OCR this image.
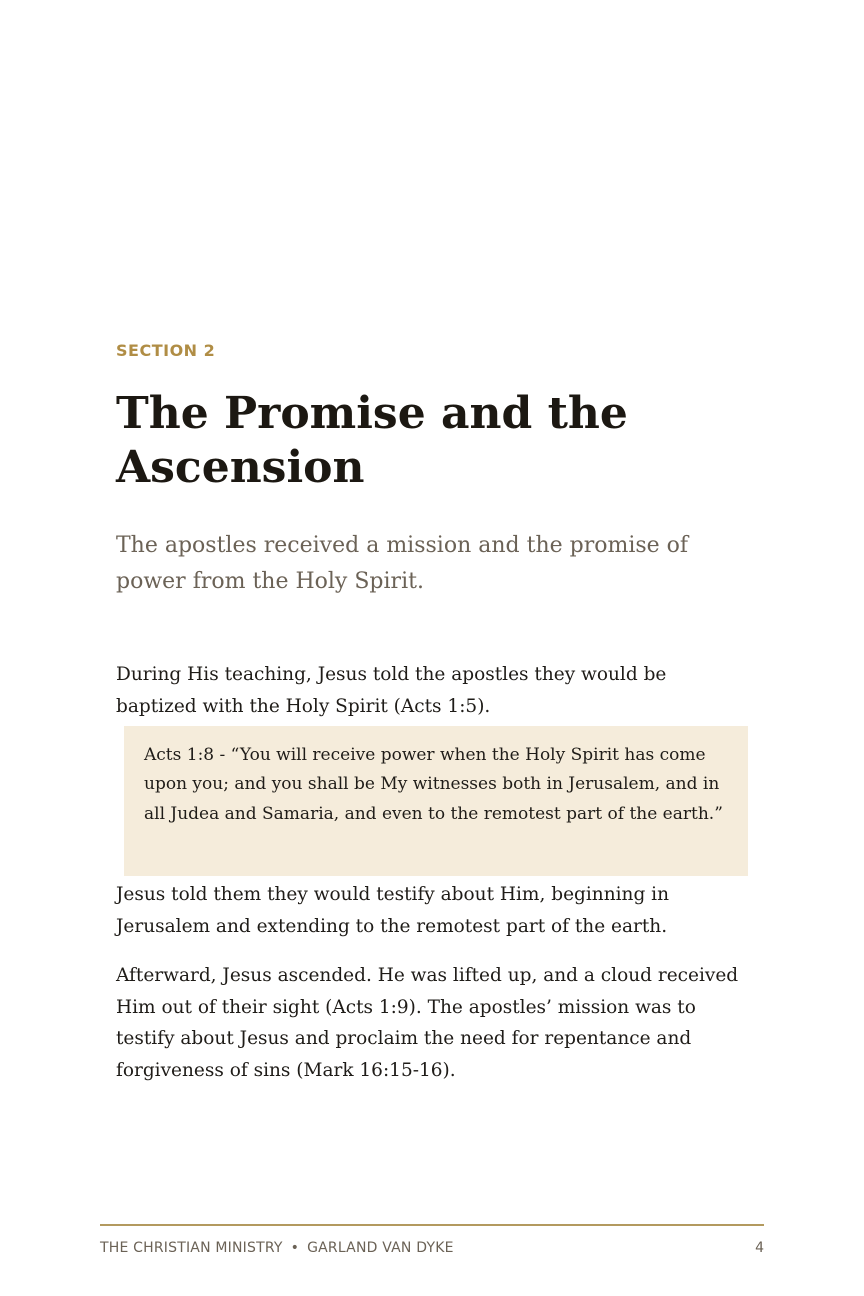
SECTION 2
The Promise and the Ascension

The apostles received a mission and the promise of power from the Holy Spirit.

During His teaching, Jesus told the apostles they would be baptized with the Holy Spirit (Acts 1:5).

Acts 1:8 - “You will receive power when the Holy Spirit has come upon you; and you shall be My witnesses both in Jerusalem, and in all Judea and Samaria, and even to the remotest part of the earth.”

Jesus told them they would testify about Him, beginning in Jerusalem and extending to the remotest part of the earth.

Afterward, Jesus ascended. He was lifted up, and a cloud received Him out of their sight (Acts 1:9). The apostles’ mission was to testify about Jesus and proclaim the need for repentance and forgiveness of sins (Mark 16:15-16).

THE CHRISTIAN MINISTRY • GARLAND VAN DYKE	4
